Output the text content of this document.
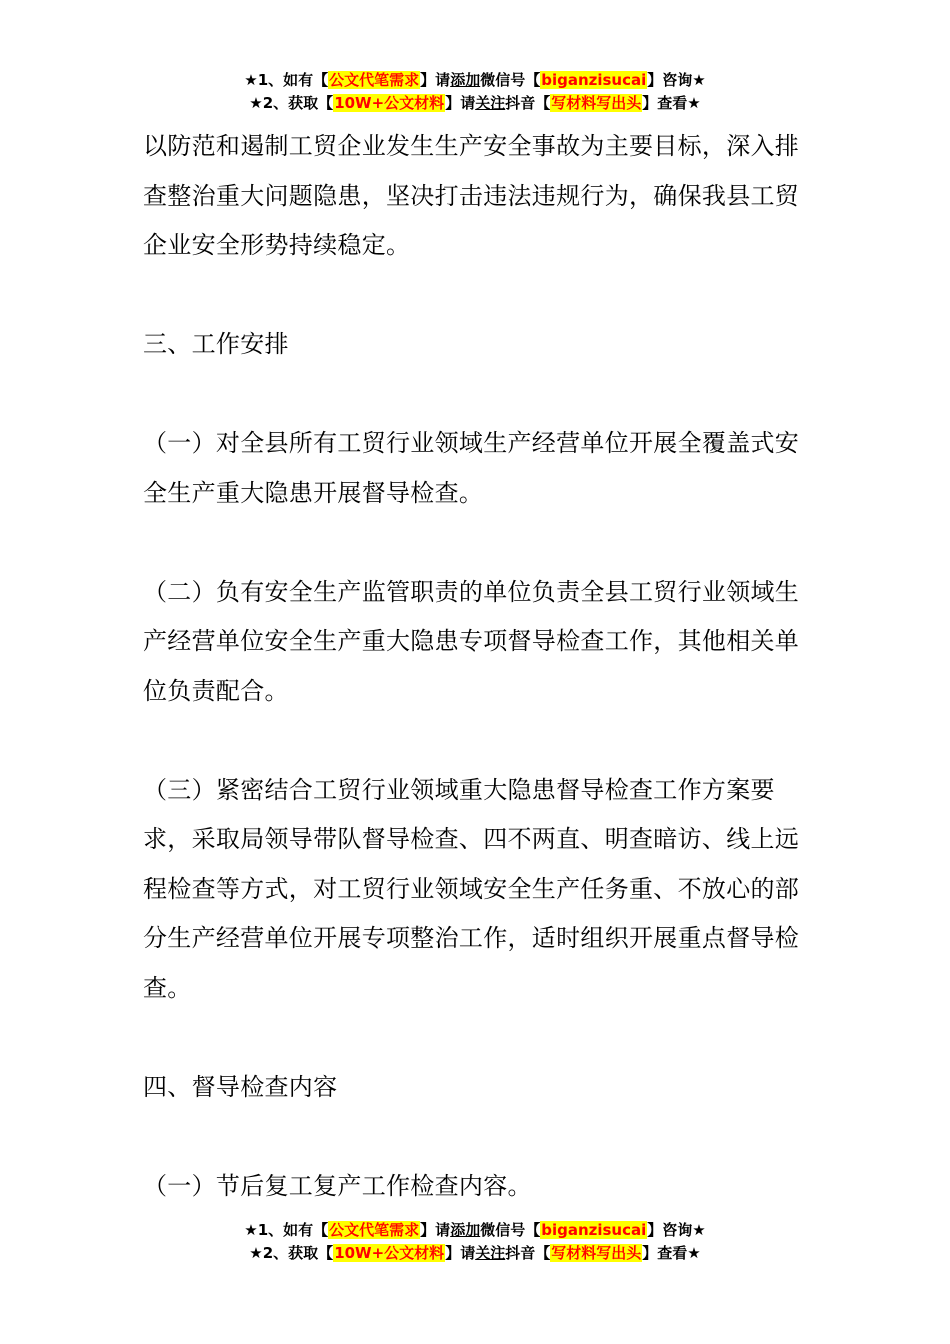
★1、如有【公文代笔需求】请添加微信号【biganzisucai】咨询★
★2、获取【10W+公文材料】请关注抖音【写材料写出头】查看★

以防范和遏制工贸企业发生生产安全事故为主要目标，深入排查整治重大问题隐患，坚决打击违法违规行为，确保我县工贸企业安全形势持续稳定。

三、工作安排

（一）对全县所有工贸行业领域生产经营单位开展全覆盖式安全生产重大隐患开展督导检查。

（二）负有安全生产监管职责的单位负责全县工贸行业领域生产经营单位安全生产重大隐患专项督导检查工作，其他相关单位负责配合。

（三）紧密结合工贸行业领域重大隐患督导检查工作方案要求，采取局领导带队督导检查、四不两直、明查暗访、线上远程检查等方式，对工贸行业领域安全生产任务重、不放心的部分生产经营单位开展专项整治工作，适时组织开展重点督导检查。

四、督导检查内容

（一）节后复工复产工作检查内容。

★1、如有【公文代笔需求】请添加微信号【biganzisucai】咨询★
★2、获取【10W+公文材料】请关注抖音【写材料写出头】查看★
